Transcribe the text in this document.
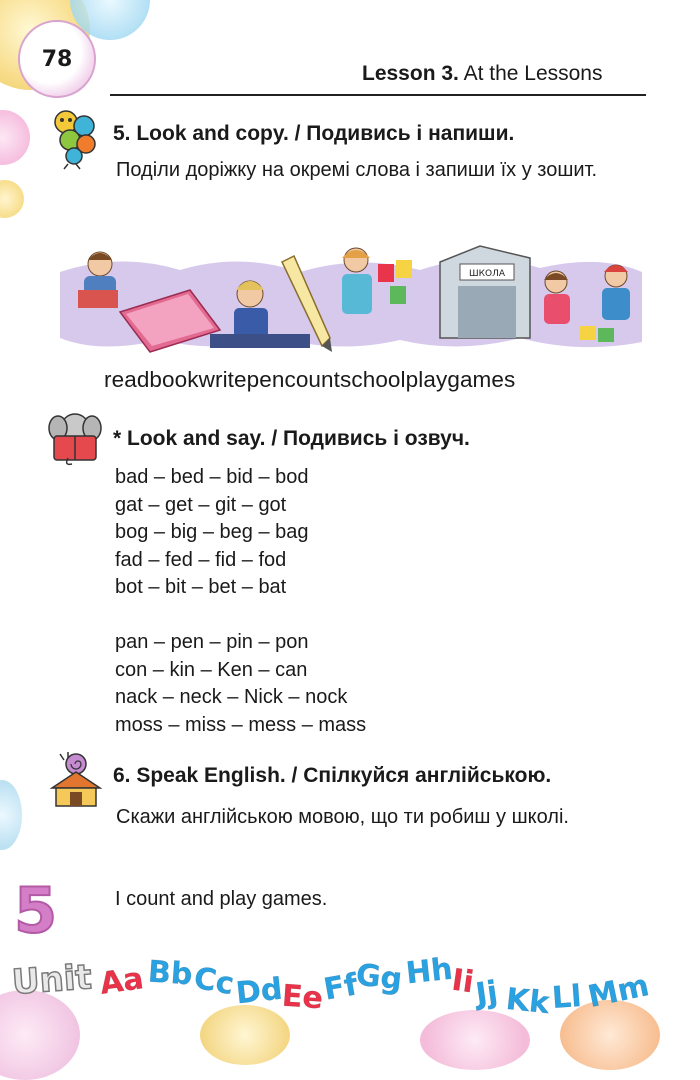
78
Lesson 3. At the Lessons
5. Look and copy. / Подивись і напиши.
Поділи доріжку на окремі слова і запиши їх у зошит.
ШКОЛА
readbookwritepencountschoolplaygames
* Look and say. / Подивись і озвуч.
bad – bed – bid – bod
gat – get – git – got
bog – big – beg – bag
fad – fed – fid – fod
bot – bit – bet – bat
pan – pen – pin – pon
con – kin – Ken – can
nack – neck – Nick – nock
moss – miss – mess – mass
6. Speak English. / Спілкуйся англійською.
Скажи англійською мовою, що ти робиш у школі.
I count and play games.
5
Unit Aa Bb
Cc
Dd
Ee
Ff
Gg Hh
Ii
Jj Kk Ll Mm
